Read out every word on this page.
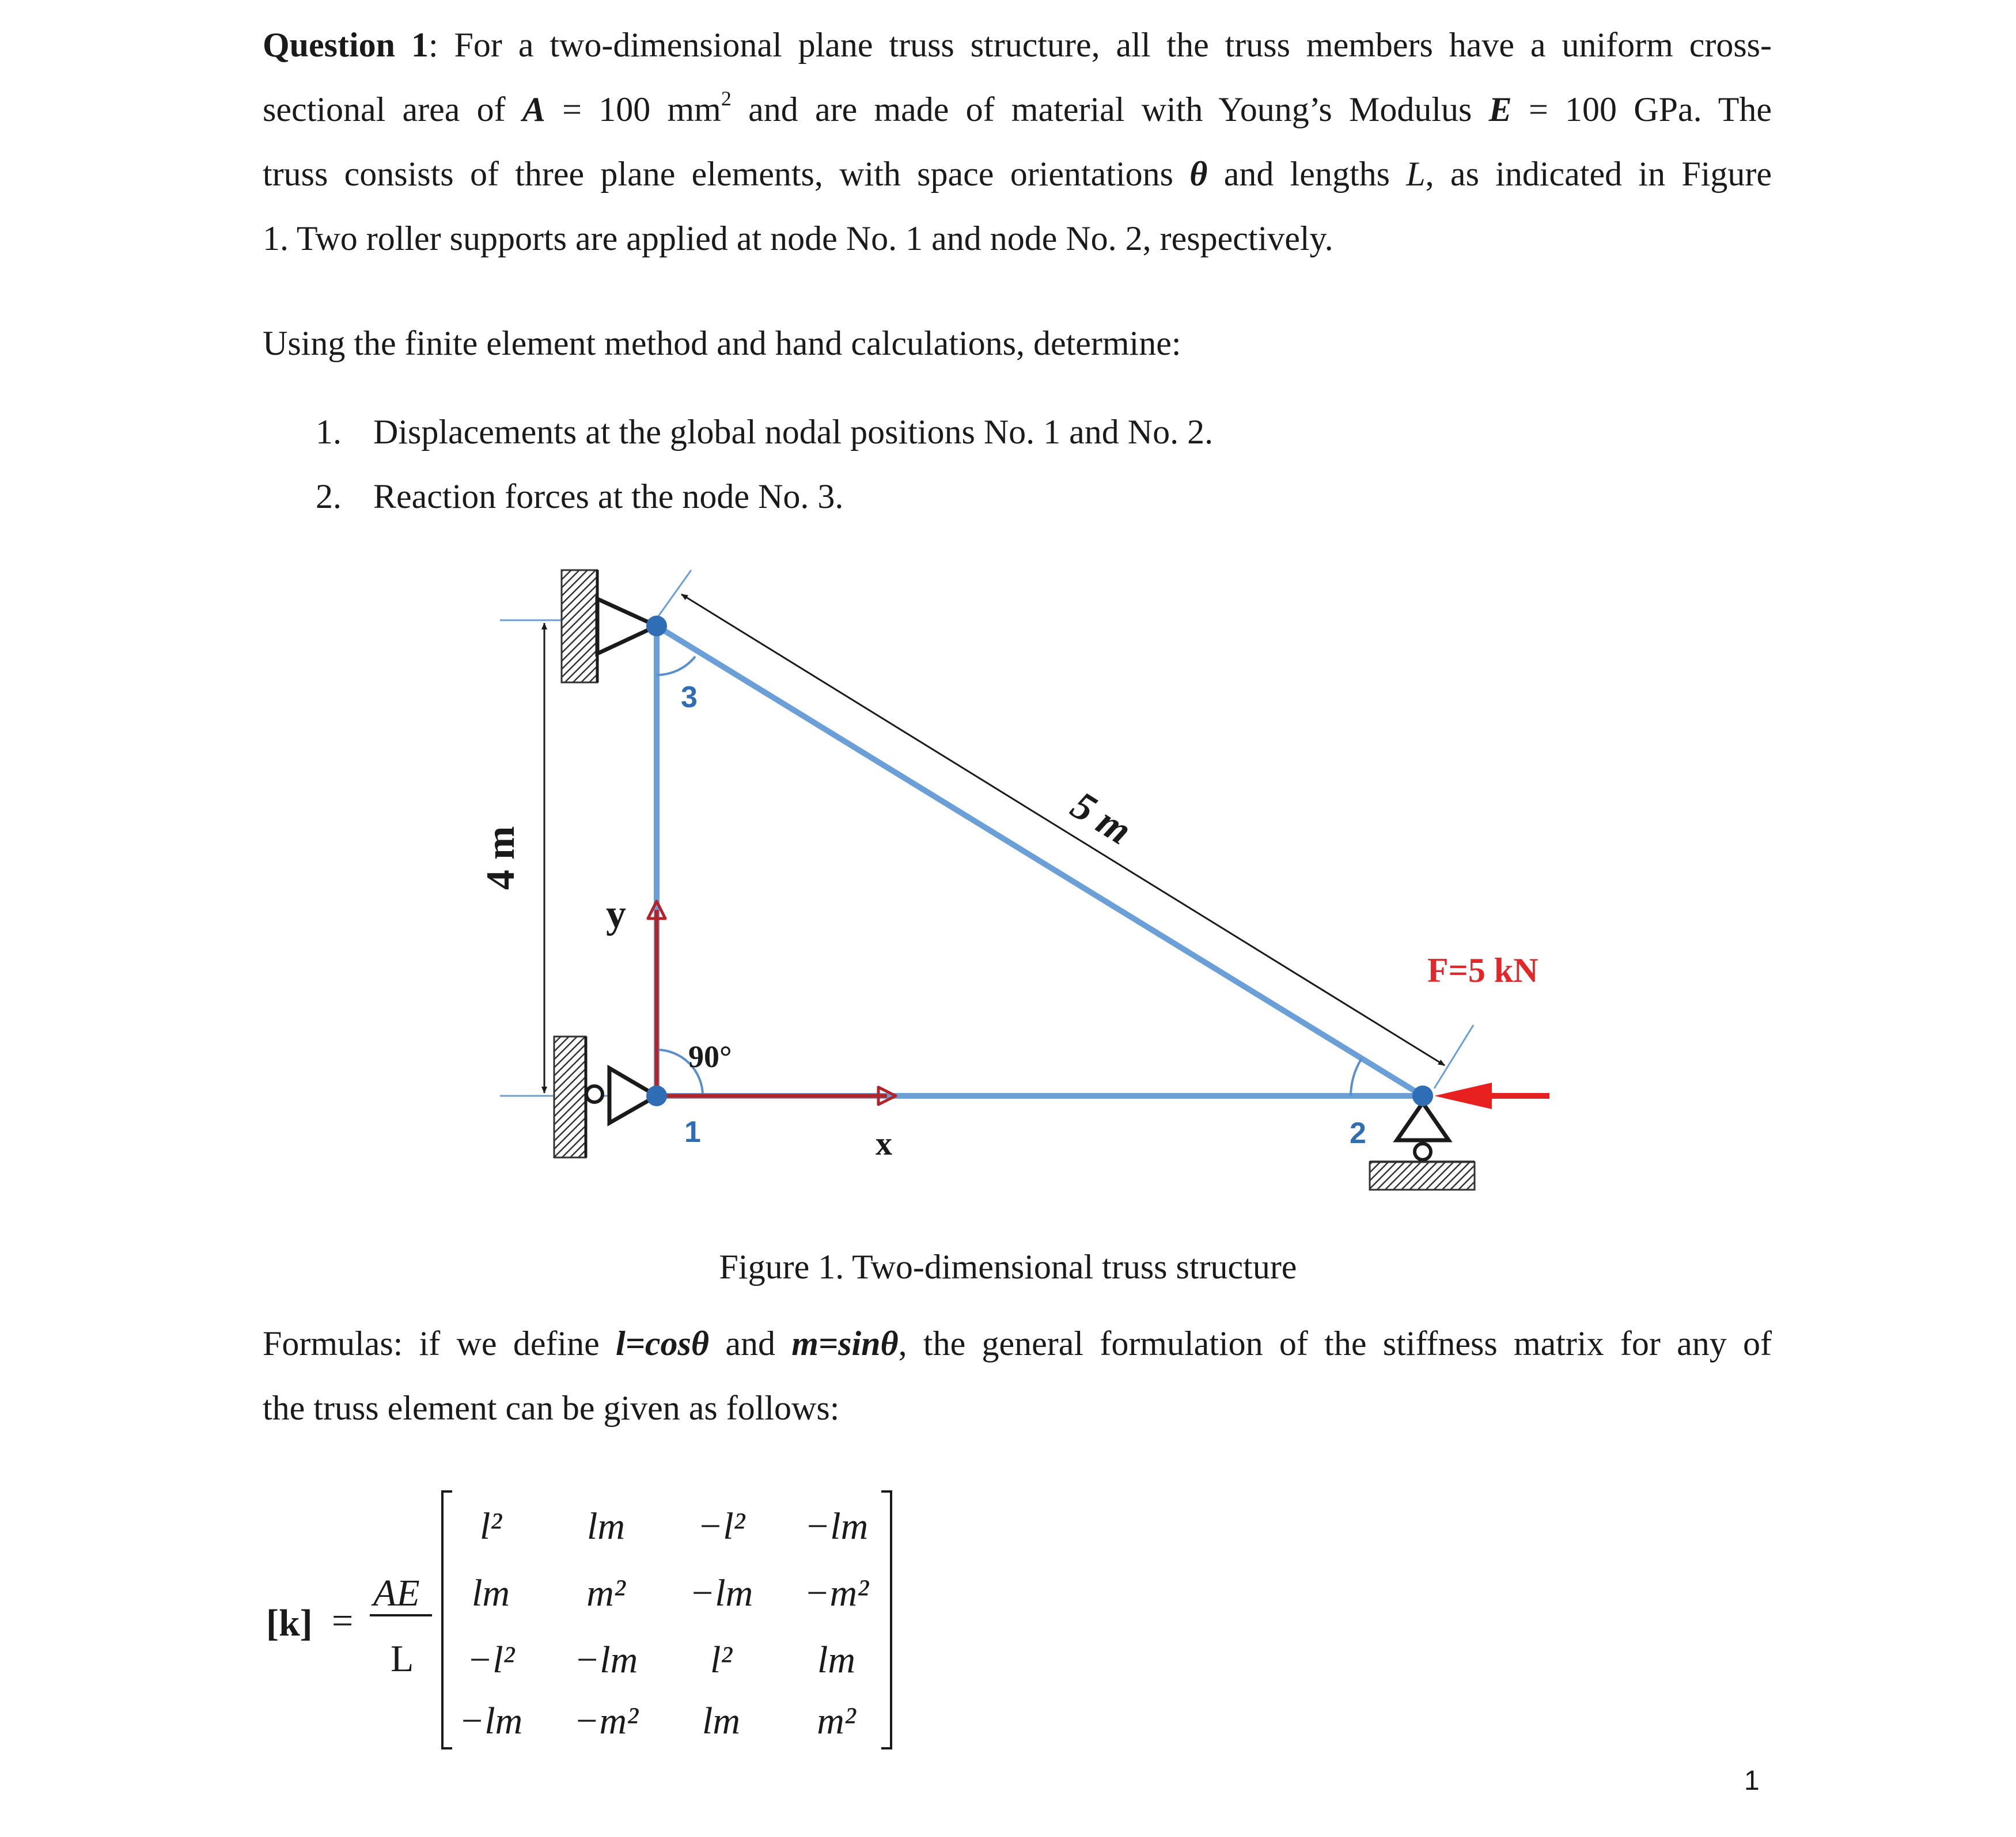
Question 1: For a two-dimensional plane truss structure, all the truss members have a uniform cross-
sectional area of A = 100 $mm^2$ and are made of material with Young’s Modulus E = 100 GPa. The
truss consists of three plane elements, with space orientations θ and lengths L, as indicated in Figure
1. Two roller supports are applied at node No. 1 and node No. 2, respectively.
Using the finite element method and hand calculations, determine:
1. Displacements at the global nodal positions No. 1 and No. 2.
2. Reaction forces at the node No. 3.
4 m
5 m
3
1	2
y
x
90°
F=5 kN
[k] =
AE
L
l² lm −l² −lm
lm m² −lm −m²
−l² −lm l² lm
−lm −m² lm m²
Figure 1. Two-dimensional truss structure
Formulas: if we define l=cosθ and m=sinθ, the general formulation of the stiffness matrix for any of
the truss element can be given as follows:
1
